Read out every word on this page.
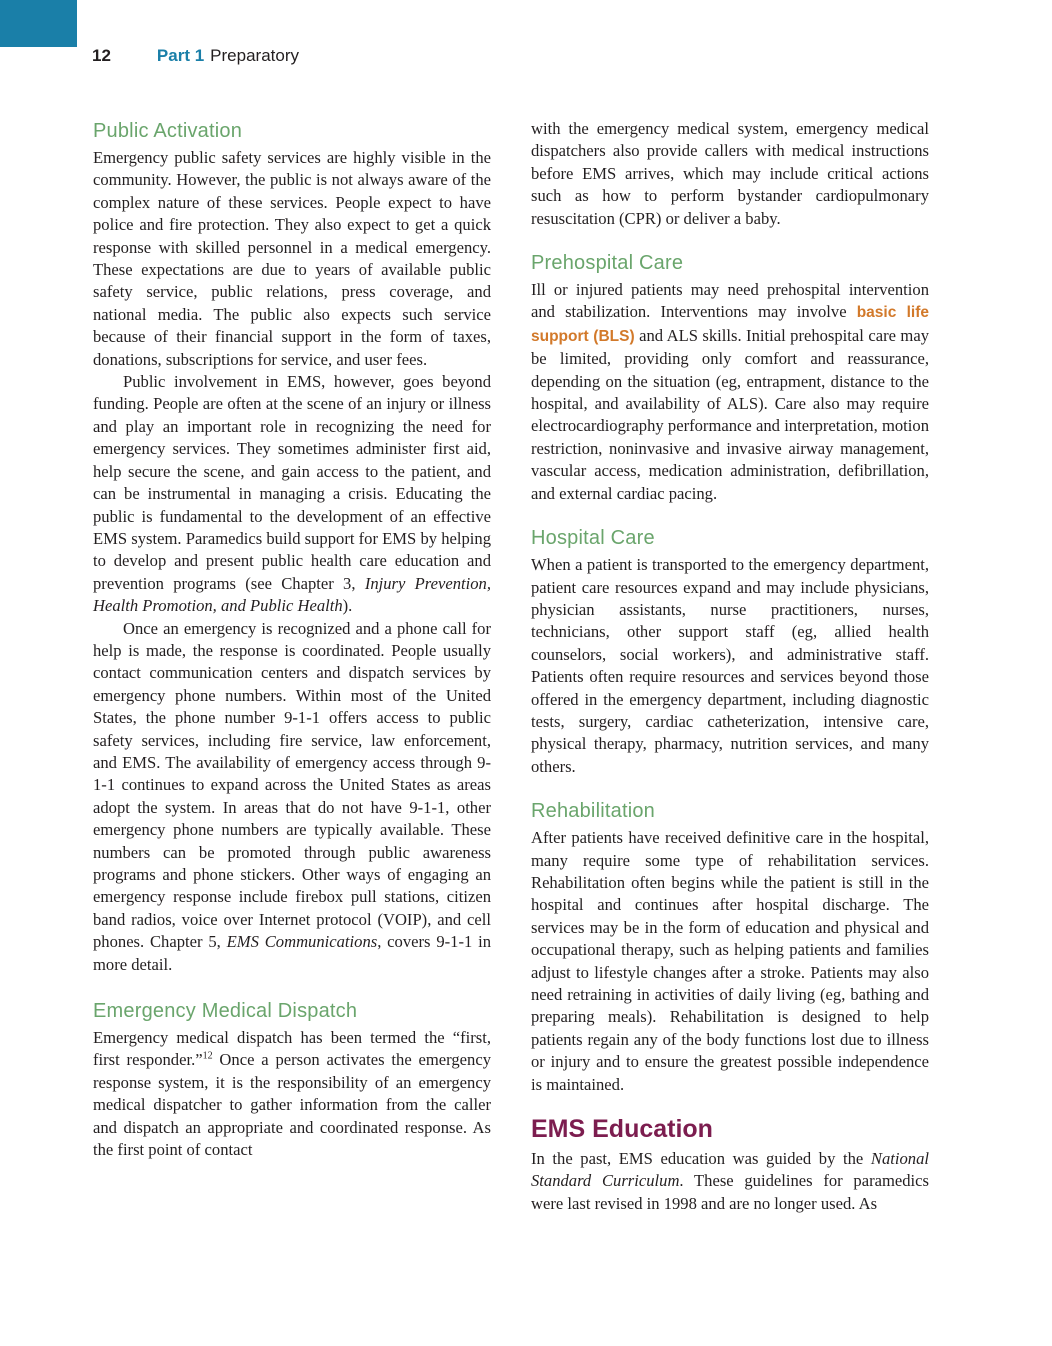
12	Part 1 Preparatory
Public Activation

Emergency public safety services are highly visible in the community. However, the public is not always aware of the complex nature of these services. People expect to have police and fire protection. They also expect to get a quick response with skilled personnel in a medical emergency. These expectations are due to years of available public safety service, public relations, press coverage, and national media. The public also expects such service because of their financial support in the form of taxes, donations, subscriptions for service, and user fees.

Public involvement in EMS, however, goes beyond funding. People are often at the scene of an injury or illness and play an important role in recognizing the need for emergency services. They sometimes administer first aid, help secure the scene, and gain access to the patient, and can be instrumental in managing a crisis. Educating the public is fundamental to the development of an effective EMS system. Paramedics build support for EMS by helping to develop and present public health care education and prevention programs (see Chapter 3, Injury Prevention, Health Promotion, and Public Health).

Once an emergency is recognized and a phone call for help is made, the response is coordinated. People usually contact communication centers and dispatch services by emergency phone numbers. Within most of the United States, the phone number 9-1-1 offers access to public safety services, including fire service, law enforcement, and EMS. The availability of emergency access through 9-1-1 continues to expand across the United States as areas adopt the system. In areas that do not have 9-1-1, other emergency phone numbers are typically available. These numbers can be promoted through public awareness programs and phone stickers. Other ways of engaging an emergency response include firebox pull stations, citizen band radios, voice over Internet protocol (VOIP), and cell phones. Chapter 5, EMS Communications, covers 9-1-1 in more detail.

Emergency Medical Dispatch

Emergency medical dispatch has been termed the “first, first responder.”$^{12}$ Once a person activates the emergency response system, it is the responsibility of an emergency medical dispatcher to gather information from the caller and dispatch an appropriate and coordinated response. As the first point of contact

with the emergency medical system, emergency medical dispatchers also provide callers with medical instructions before EMS arrives, which may include critical actions such as how to perform bystander cardiopulmonary resuscitation (CPR) or deliver a baby.

Prehospital Care

Ill or injured patients may need prehospital intervention and stabilization. Interventions may involve basic life support (BLS) and ALS skills. Initial prehospital care may be limited, providing only comfort and reassurance, depending on the situation (eg, entrapment, distance to the hospital, and availability of ALS). Care also may require electrocardiography performance and interpretation, motion restriction, noninvasive and invasive airway management, vascular access, medication administration, defibrillation, and external cardiac pacing.

Hospital Care

When a patient is transported to the emergency department, patient care resources expand and may include physicians, physician assistants, nurse practitioners, nurses, technicians, other support staff (eg, allied health counselors, social workers), and administrative staff. Patients often require resources and services beyond those offered in the emergency department, including diagnostic tests, surgery, cardiac catheterization, intensive care, physical therapy, pharmacy, nutrition services, and many others.

Rehabilitation

After patients have received definitive care in the hospital, many require some type of rehabilitation services. Rehabilitation often begins while the patient is still in the hospital and continues after hospital discharge. The services may be in the form of education and physical and occupational therapy, such as helping patients and families adjust to lifestyle changes after a stroke. Patients may also need retraining in activities of daily living (eg, bathing and preparing meals). Rehabilitation is designed to help patients regain any of the body functions lost due to illness or injury and to ensure the greatest possible independence is maintained.

EMS Education

In the past, EMS education was guided by the National Standard Curriculum. These guidelines for paramedics were last revised in 1998 and are no longer used. As
